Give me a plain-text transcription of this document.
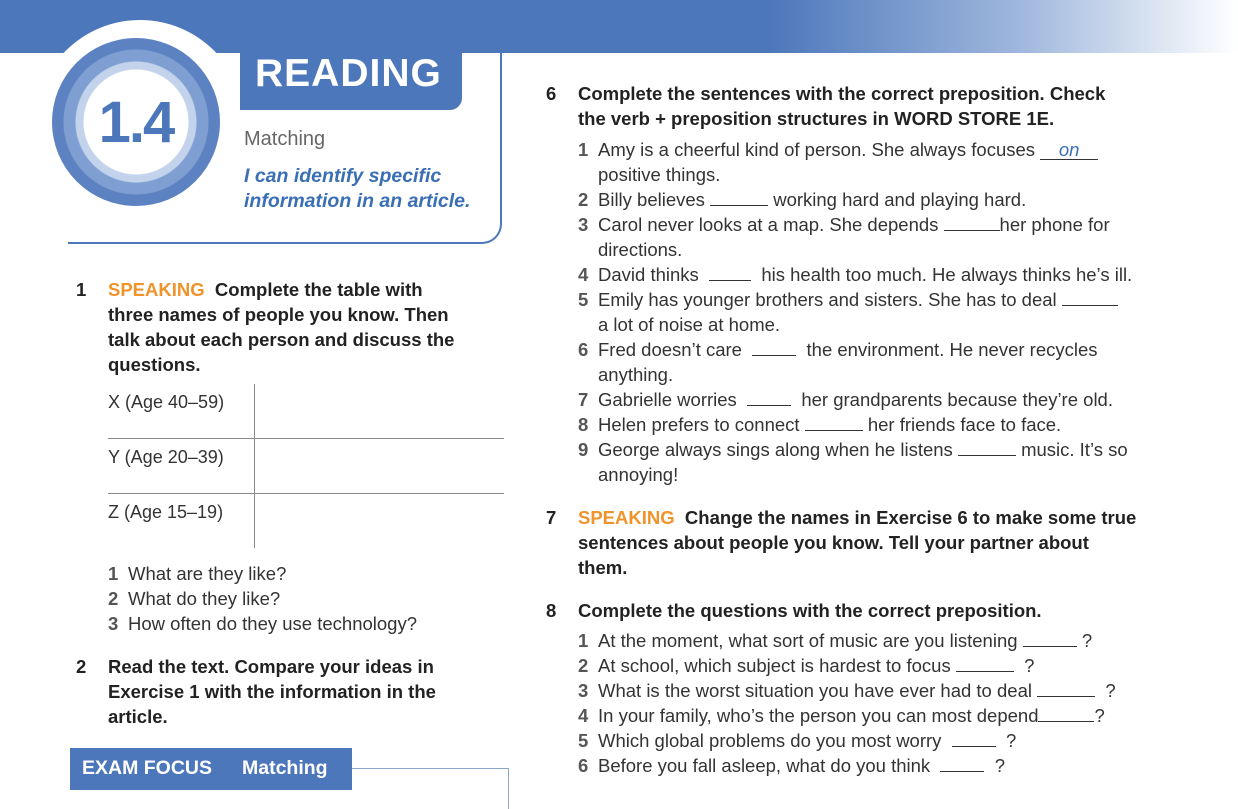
1.4
READING
Matching
I can identify specific
information in an article.
1 SPEAKING Complete the table with
three names of people you know. Then
talk about each person and discuss the
questions.
X (Age 40–59)
Y (Age 20–39)
Z (Age 15–19)
1 What are they like?
2 What do they like?
3 How often do they use technology?
2 Read the text. Compare your ideas in
Exercise 1 with the information in the
article.
EXAM FOCUS Matching
6 Complete the sentences with the correct preposition. Check
the verb + preposition structures in WORD STORE 1E.
1 Amy is a cheerful kind of person. She always focuses on
positive things.
2 Billy believes	working hard and playing hard.
3 Carol never looks at a map. She depends	her phone for
directions.
4 David thinks	his health too much. He always thinks he’s ill.
5 Emily has younger brothers and sisters. She has to deal
a lot of noise at home.
6 Fred doesn’t care	the environment. He never recycles
anything.
7 Gabrielle worries	her grandparents because they’re old.
8 Helen prefers to connect	her friends face to face.
9 George always sings along when he listens	music. It’s so
annoying!
7 SPEAKING Change the names in Exercise 6 to make some true
sentences about people you know. Tell your partner about
them.
8 Complete the questions with the correct preposition.
1 At the moment, what sort of music are you listening	?
2 At school, which subject is hardest to focus	?
3 What is the worst situation you have ever had to deal	?
4 In your family, who’s the person you can most depend	?
5 Which global problems do you most worry	?
6 Before you fall asleep, what do you think	?
